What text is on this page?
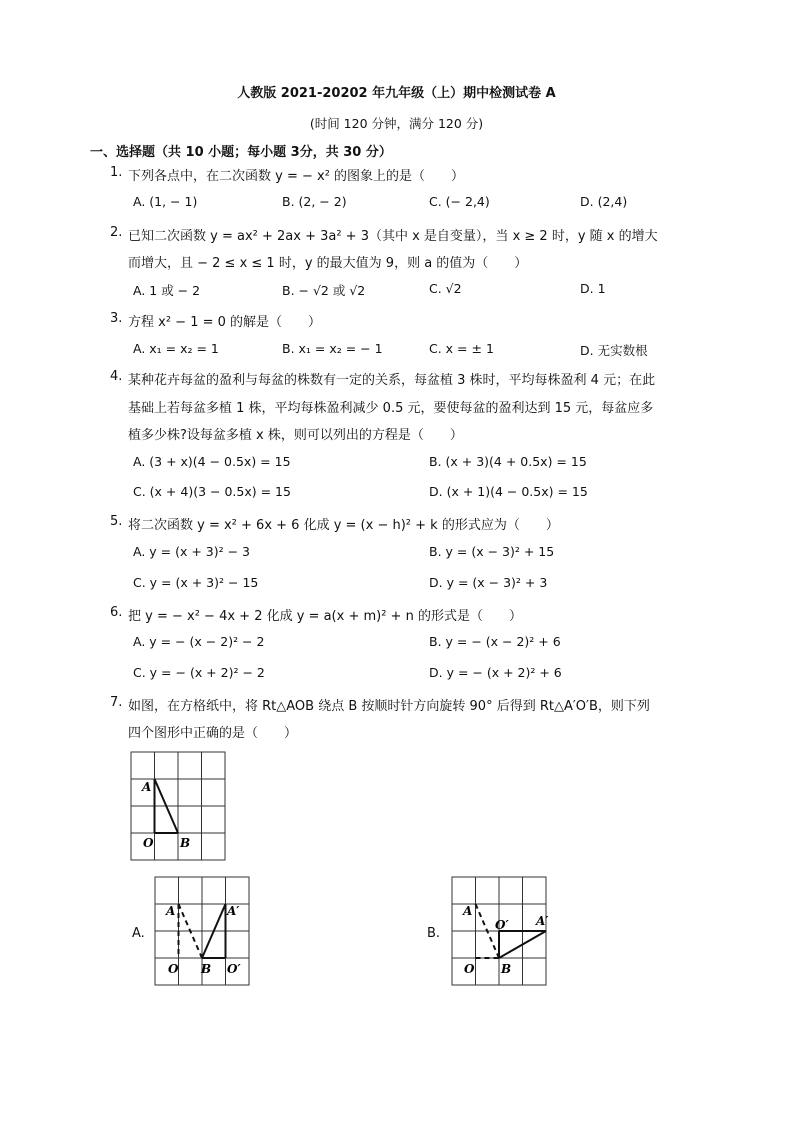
人教版 2021-20202 年九年级（上）期中检测试卷 A
(时间 120 分钟，满分 120 分)
一、选择题（共 10 小题；每小题 3分，共 30 分）
1. 下列各点中，在二次函数 y = − x² 的图象上的是（　　）
A. (1, − 1)	B. (2, − 2)	C. (− 2,4)	D. (2,4)
2. 已知二次函数 y = ax² + 2ax + 3a² + 3（其中 x 是自变量），当 x ≥ 2 时，y 随 x 的增大
而增大，且 − 2 ≤ x ≤ 1 时，y 的最大值为 9，则 a 的值为（　　）
A. 1 或 − 2	B. − √2 或 √2	C. √2	D. 1
3. 方程 x² − 1 = 0 的解是（　　）
A. x₁ = x₂ = 1	B. x₁ = x₂ = − 1	C. x = ± 1	D. 无实数根
4. 某种花卉每盆的盈利与每盆的株数有一定的关系，每盆植 3 株时，平均每株盈利 4 元；在此
基础上若每盆多植 1 株，平均每株盈利减少 0.5 元，要使每盆的盈利达到 15 元，每盆应多
植多少株?设每盆多植 x 株，则可以列出的方程是（　　）
A. (3 + x)(4 − 0.5x) = 15	B. (x + 3)(4 + 0.5x) = 15
C. (x + 4)(3 − 0.5x) = 15	D. (x + 1)(4 − 0.5x) = 15
5. 将二次函数 y = x² + 6x + 6 化成 y = (x − h)² + k 的形式应为（　　）
A. y = (x + 3)² − 3	B. y = (x − 3)² + 15
C. y = (x + 3)² − 15	D. y = (x − 3)² + 3
6. 把 y = − x² − 4x + 2 化成 y = a(x + m)² + n 的形式是（　　）
A. y = − (x − 2)² − 2	B. y = − (x − 2)² + 6
C. y = − (x + 2)² − 2	D. y = − (x + 2)² + 6
7. 如图，在方格纸中，将 Rt△AOB 绕点 B 按顺时针方向旋转 90° 后得到 Rt△A′O′B，则下列
四个图形中正确的是（　　）
A
O B
A.
A	A′
O B O′
B.
A
O′ A′
O B
